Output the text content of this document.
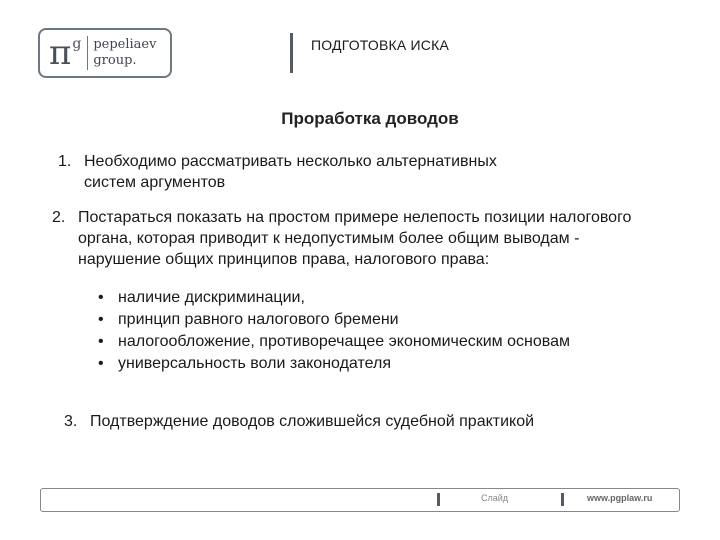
π g pepeliaev
group.
ПОДГОТОВКА ИСКА
Проработка доводов
1. Необходимо рассматривать несколько альтернативных
систем аргументов
2. Постараться показать на простом примере нелепость позиции налогового
органа, которая приводит к недопустимым более общим выводам -
нарушение общих принципов права, налогового права:
• наличие дискриминации,
• принцип равного налогового бремени
• налогообложение, противоречащее экономическим основам
• универсальность воли законодателя
3. Подтверждение доводов сложившейся судебной практикой
Слайд	www.pgplaw.ru
